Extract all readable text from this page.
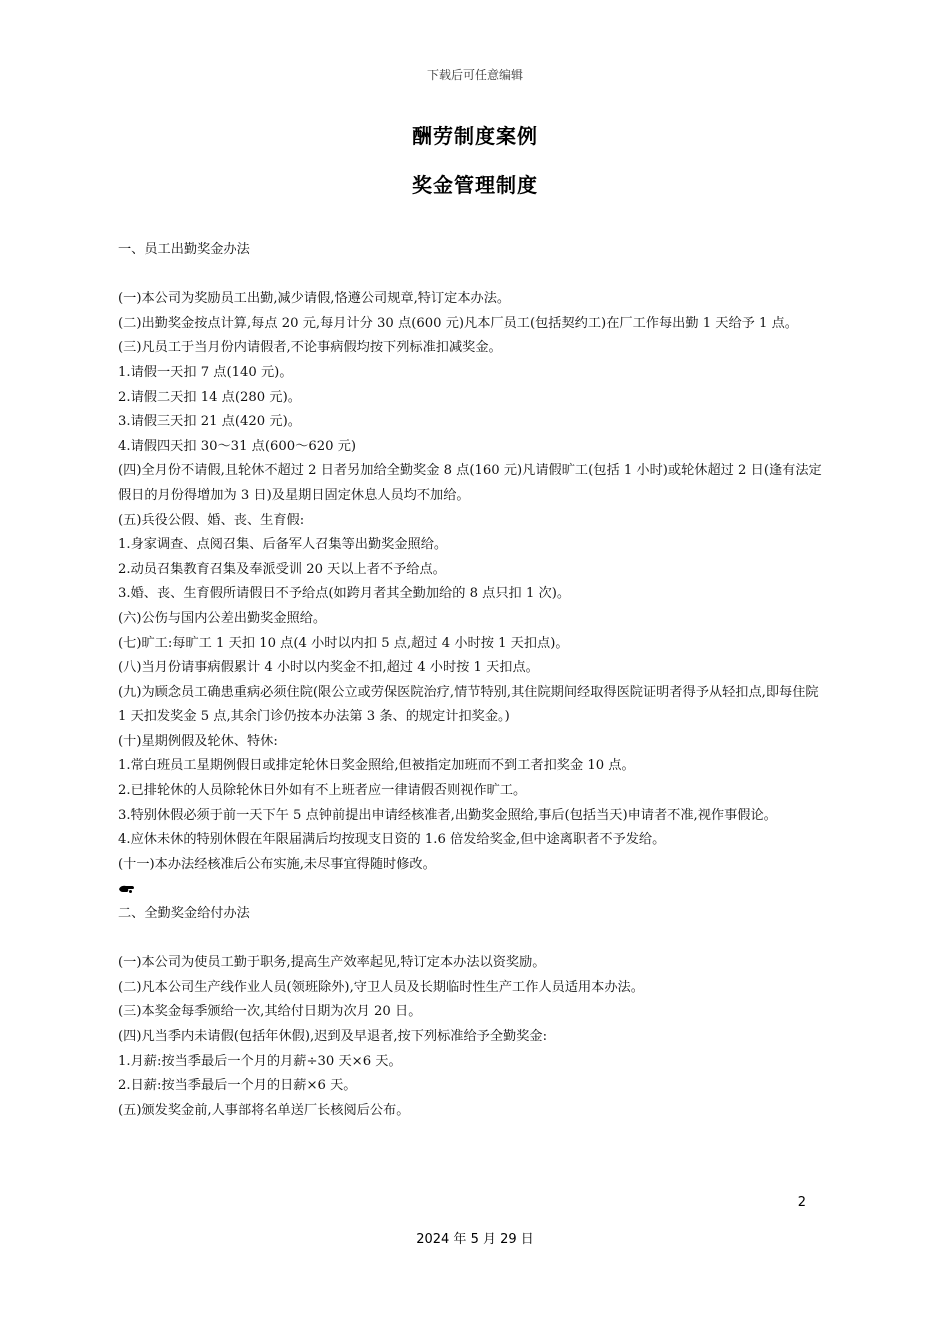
下载后可任意编辑
酬劳制度案例
奖金管理制度

一、员工出勤奖金办法

(一)本公司为奖励员工出勤,减少请假,恪遵公司规章,特订定本办法。

(二)出勤奖金按点计算,每点 20 元,每月计分 30 点(600 元)凡本厂员工(包括契约工)在厂工作每出勤 1 天给予 1 点。

(三)凡员工于当月份内请假者,不论事病假均按下列标准扣减奖金。

1.请假一天扣 7 点(140 元)。

2.请假二天扣 14 点(280 元)。

3.请假三天扣 21 点(420 元)。

4.请假四天扣 30～31 点(600～620 元)

(四)全月份不请假,且轮休不超过 2 日者另加给全勤奖金 8 点(160 元)凡请假旷工(包括 1 小时)或轮休超过 2 日(逢有法定假日的月份得增加为 3 日)及星期日固定休息人员均不加给。

(五)兵役公假、婚、丧、生育假:

1.身家调查、点阅召集、后备军人召集等出勤奖金照给。

2.动员召集教育召集及奉派受训 20 天以上者不予给点。

3.婚、丧、生育假所请假日不予给点(如跨月者其全勤加给的 8 点只扣 1 次)。

(六)公伤与国内公差出勤奖金照给。

(七)旷工:每旷工 1 天扣 10 点(4 小时以内扣 5 点,超过 4 小时按 1 天扣点)。

(八)当月份请事病假累计 4 小时以内奖金不扣,超过 4 小时按 1 天扣点。

(九)为顾念员工确患重病必须住院(限公立或劳保医院治疗,情节特别,其住院期间经取得医院证明者得予从轻扣点,即每住院 1 天扣发奖金 5 点,其余门诊仍按本办法第 3 条、的规定计扣奖金。)

(十)星期例假及轮休、特休:

1.常白班员工星期例假日或排定轮休日奖金照给,但被指定加班而不到工者扣奖金 10 点。

2.已排轮休的人员除轮休日外如有不上班者应一律请假否则视作旷工。

3.特别休假必须于前一天下午 5 点钟前提出申请经核准者,出勤奖金照给,事后(包括当天)申请者不准,视作事假论。

4.应休未休的特别休假在年限届满后均按现支日资的 1.6 倍发给奖金,但中途离职者不予发给。

(十一)本办法经核准后公布实施,未尽事宜得随时修改。

二、全勤奖金给付办法

(一)本公司为使员工勤于职务,提高生产效率起见,特订定本办法以资奖励。

(二)凡本公司生产线作业人员(领班除外),守卫人员及长期临时性生产工作人员适用本办法。

(三)本奖金每季颁给一次,其给付日期为次月 20 日。

(四)凡当季内未请假(包括年休假),迟到及早退者,按下列标准给予全勤奖金:

1.月薪:按当季最后一个月的月薪÷30 天×6 天。

2.日薪:按当季最后一个月的日薪×6 天。

(五)颁发奖金前,人事部将名单送厂长核阅后公布。

2
2024 年 5 月 29 日
